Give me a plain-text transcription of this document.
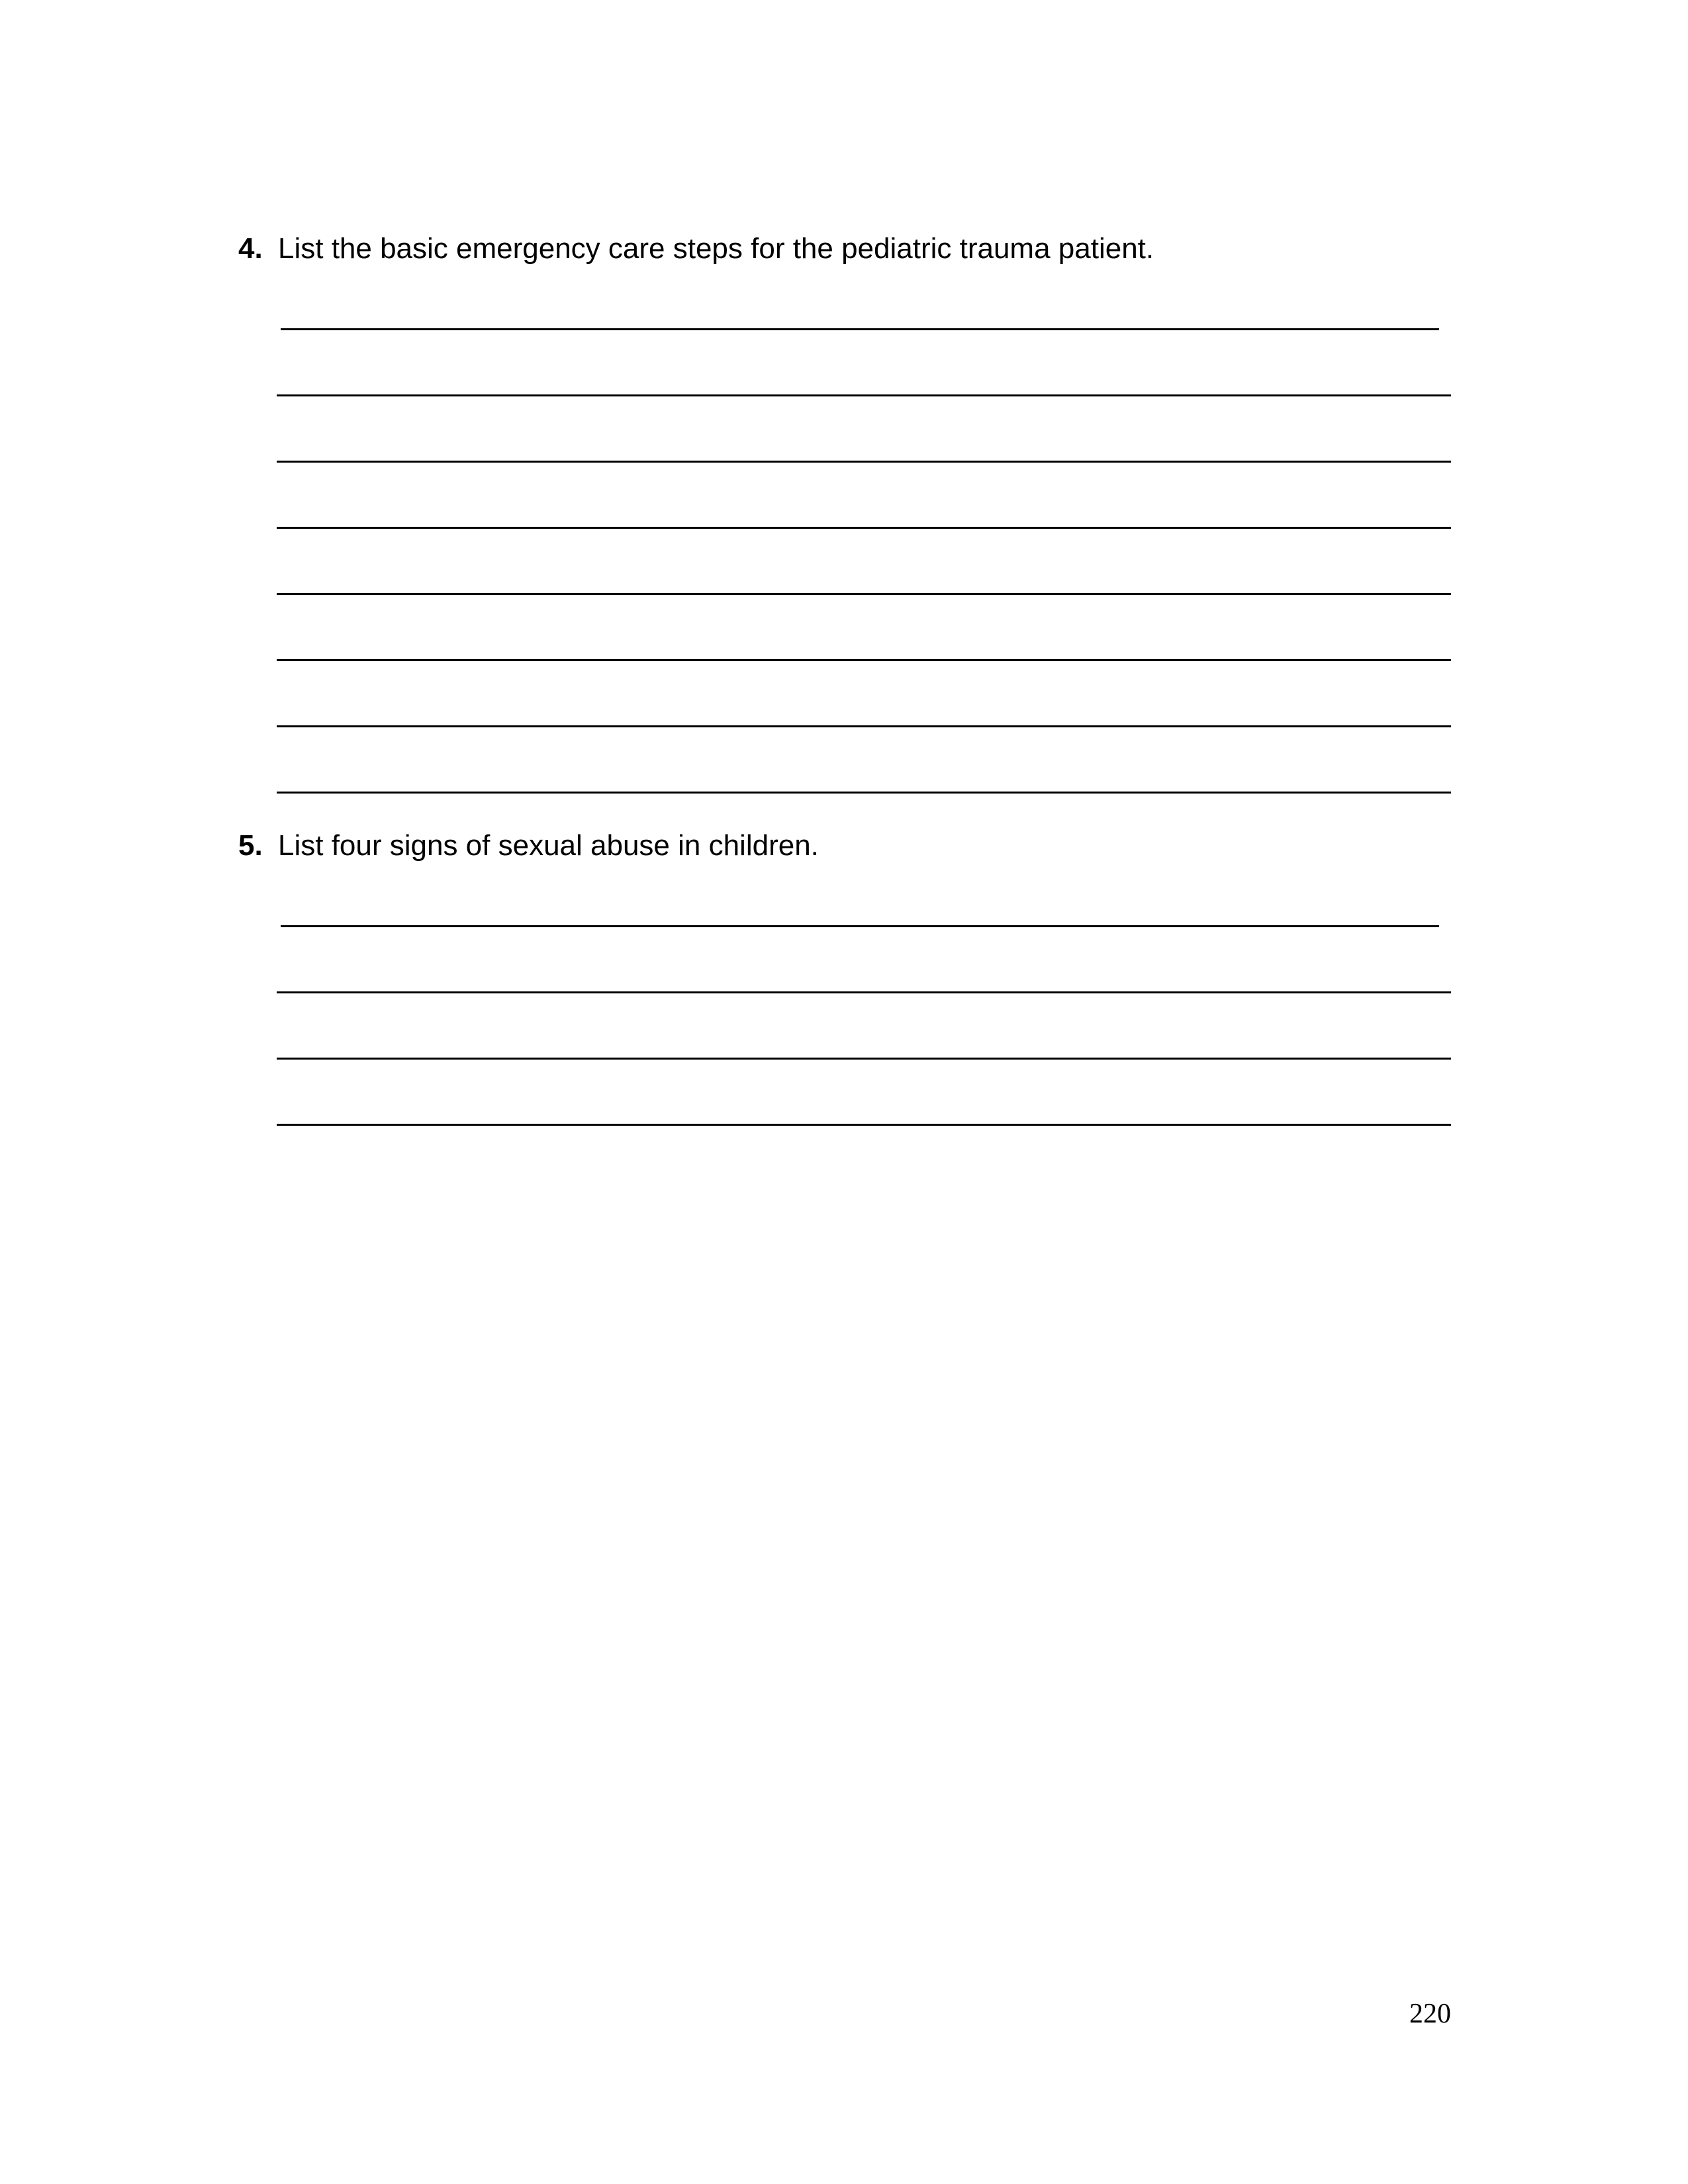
4. List the basic emergency care steps for the pediatric trauma patient.
5. List four signs of sexual abuse in children.
220
